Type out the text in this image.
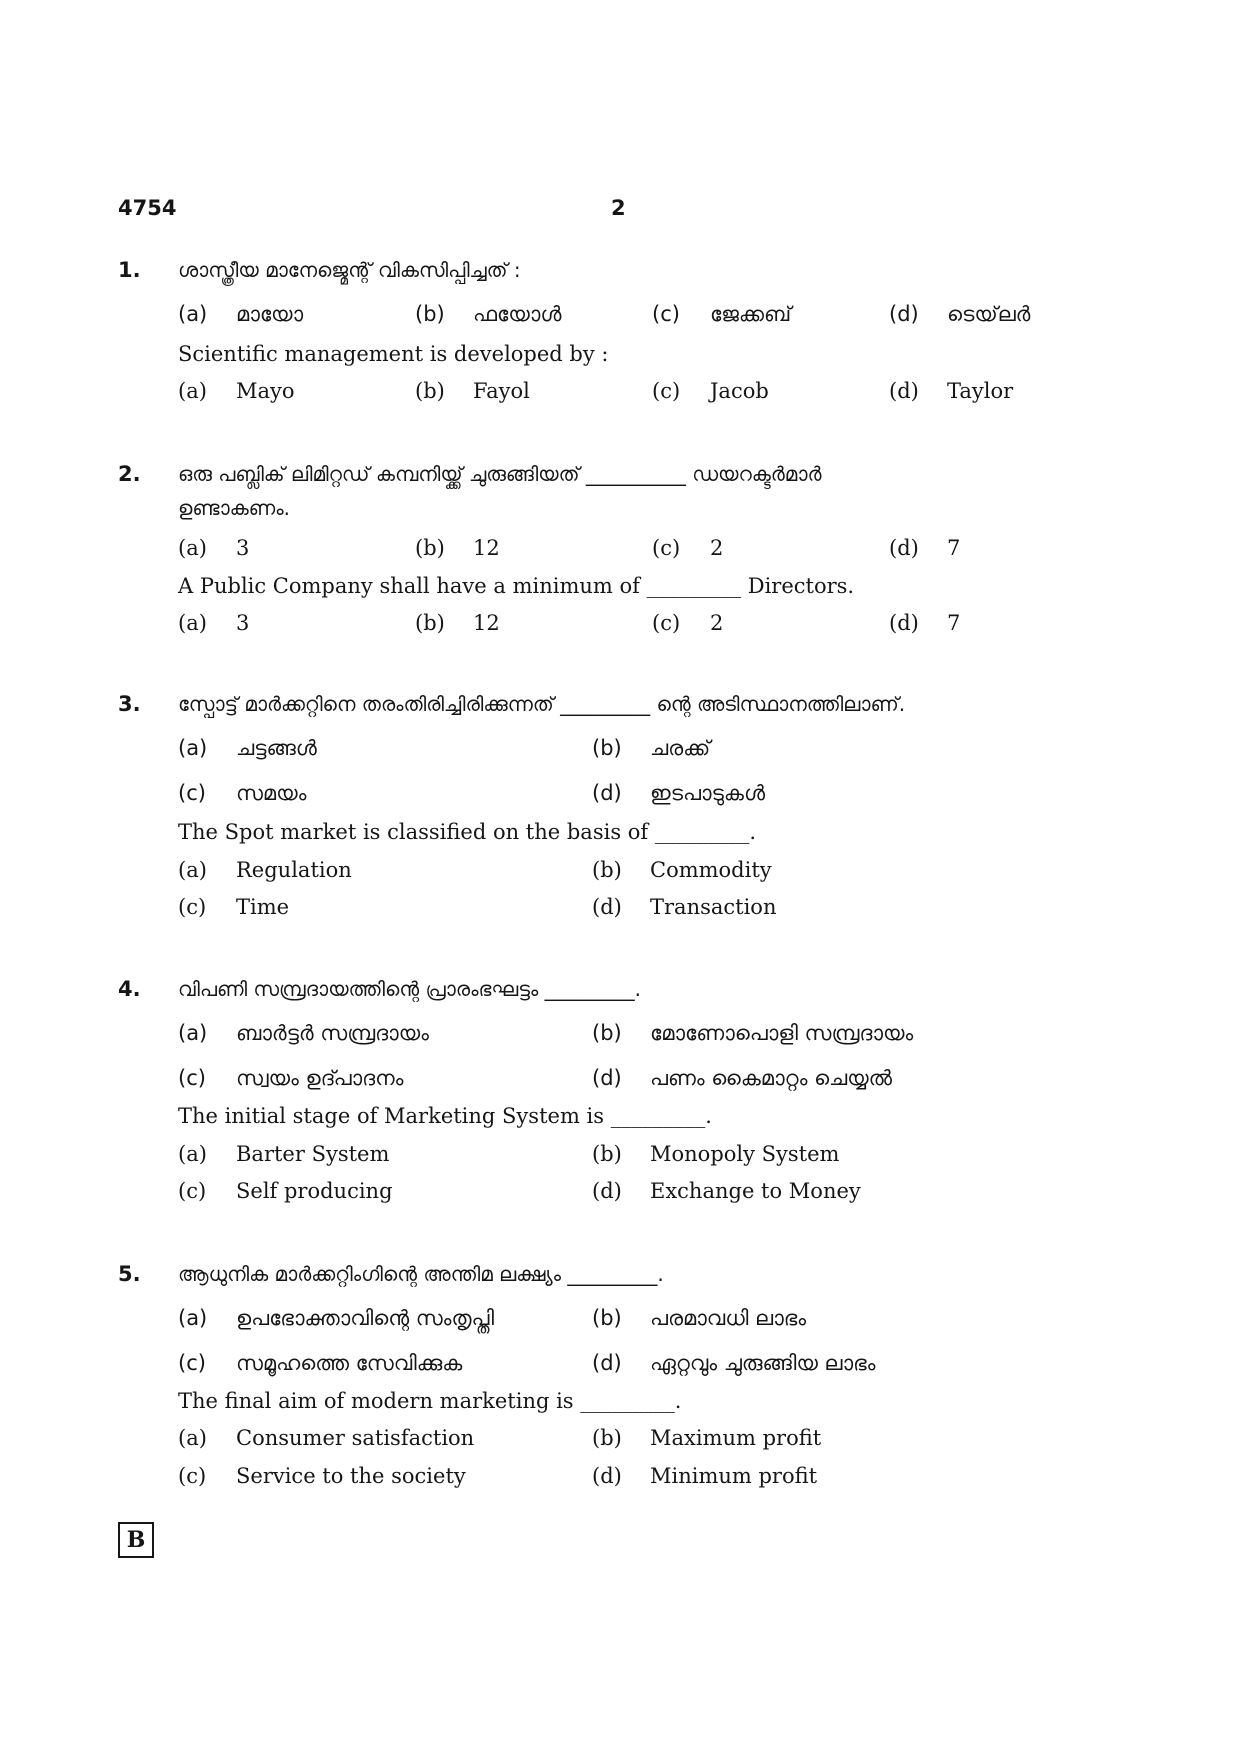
4754	2
1. ശാസ്ത്രീയ മാനേജ്മെന്റ് വികസിപ്പിച്ചത് :
(a) മായോ	(b) ഫയോൾ	(c) ജേക്കബ്	(d) ടെയ്‌ലർ
Scientific management is developed by :
(a) Mayo	(b) Fayol	(c) Jacob	(d) Taylor
2. ഒരു പബ്ലിക് ലിമിറ്റഡ് കമ്പനിയ്ക്ക് ചുരുങ്ങിയത് __________ ഡയറക്ടർമാർ
ഉണ്ടാകണം.
(a) 3	(b) 12	(c) 2	(d) 7
A Public Company shall have a minimum of _________ Directors.
(a) 3	(b) 12	(c) 2	(d) 7
3. സ്പോട്ട് മാർക്കറ്റിനെ തരംതിരിച്ചിരിക്കുന്നത് _________ ന്റെ അടിസ്ഥാനത്തിലാണ്.
(a) ചട്ടങ്ങൾ	(b) ചരക്ക്
(c) സമയം	(d) ഇടപാടുകൾ
The Spot market is classified on the basis of _________.
(a) Regulation	(b) Commodity
(c) Time	(d) Transaction
4. വിപണി സമ്പ്രദായത്തിന്റെ പ്രാരംഭഘട്ടം _________.
(a) ബാർട്ടർ സമ്പ്രദായം	(b) മോണോപൊളി സമ്പ്രദായം
(c) സ്വയം ഉദ്പാദനം	(d) പണം കൈമാറ്റം ചെയ്യൽ
The initial stage of Marketing System is _________.
(a) Barter System	(b) Monopoly System
(c) Self producing	(d) Exchange to Money
5. ആധുനിക മാർക്കറ്റിംഗിന്റെ അന്തിമ ലക്ഷ്യം _________.
(a) ഉപഭോക്താവിന്റെ സംതൃപ്തി	(b) പരമാവധി ലാഭം
(c) സമൂഹത്തെ സേവിക്കുക	(d) ഏറ്റവും ചുരുങ്ങിയ ലാഭം
The final aim of modern marketing is _________.
(a) Consumer satisfaction	(b) Maximum profit
(c) Service to the society	(d) Minimum profit
B
